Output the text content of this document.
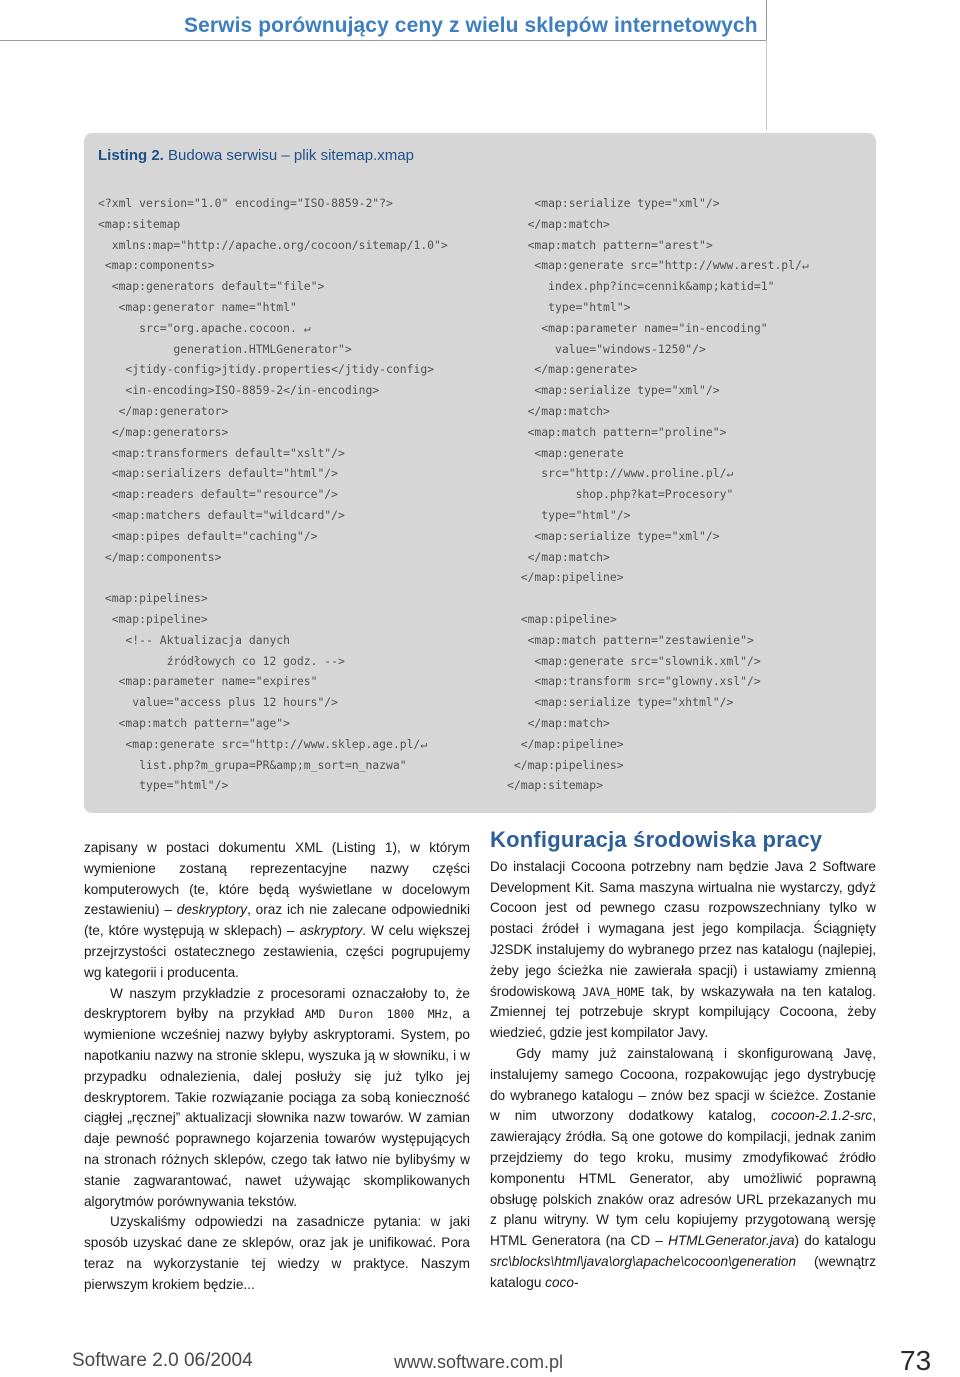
Serwis porównujący ceny z wielu sklepów internetowych
Listing 2. Budowa serwisu – plik sitemap.xmap
<?xml version="1.0" encoding="ISO-8859-2"?>
<map:sitemap
xmlns:map="http://apache.org/cocoon/sitemap/1.0">
<map:components>
<map:generators default="file">
<map:generator name="html"
src="org.apache.cocoon. ↵
generation.HTMLGenerator">
<jtidy-config>jtidy.properties</jtidy-config>
<in-encoding>ISO-8859-2</in-encoding>
</map:generator>
</map:generators>
<map:transformers default="xslt"/>
<map:serializers default="html"/>
<map:readers default="resource"/>
<map:matchers default="wildcard"/>
<map:pipes default="caching"/>
</map:components>
<map:pipelines>
<map:pipeline>
<!-- Aktualizacja danych
źródłowych co 12 godz. -->
<map:parameter name="expires"
value="access plus 12 hours"/>
<map:match pattern="age">
<map:generate src="http://www.sklep.age.pl/↵
list.php?m_grupa=PR&amp;m_sort=n_nazwa"
type="html"/>
<map:serialize type="xml"/>
</map:match>
<map:match pattern="arest">
<map:generate src="http://www.arest.pl/↵
index.php?inc=cennik&amp;katid=1"
type="html">
<map:parameter name="in-encoding"
value="windows-1250"/>
</map:generate>
<map:serialize type="xml"/>
</map:match>
<map:match pattern="proline">
<map:generate
src="http://www.proline.pl/↵
shop.php?kat=Procesory"
type="html"/>
<map:serialize type="xml"/>
</map:match>
</map:pipeline>
<map:pipeline>
<map:match pattern="zestawienie">
<map:generate src="slownik.xml"/>
<map:transform src="glowny.xsl"/>
<map:serialize type="xhtml"/>
</map:match>
</map:pipeline>
</map:pipelines>
</map:sitemap>

zapisany w postaci dokumentu XML (Listing 1), w którym wymienione zostaną reprezentacyjne nazwy części komputerowych (te, które będą wyświetlane w docelowym zestawieniu) – deskryptory, oraz ich nie zalecane odpowiedniki (te, które występują w sklepach) – askryptory. W celu większej przejrzystości ostatecznego zestawienia, części pogrupujemy wg kategorii i producenta.

W naszym przykładzie z procesorami oznaczałoby to, że deskryptorem byłby na przykład AMD Duron 1800 MHz, a wymienione wcześniej nazwy byłyby askryptorami. System, po napotkaniu nazwy na stronie sklepu, wyszuka ją w słowniku, i w przypadku odnalezienia, dalej posłuży się już tylko jej deskryptorem. Takie rozwiązanie pociąga za sobą konieczność ciągłej „ręcznej” aktualizacji słownika nazw towarów. W zamian daje pewność poprawnego kojarzenia towarów występujących na stronach różnych sklepów, czego tak łatwo nie bylibyśmy w stanie zagwarantować, nawet używając skomplikowanych algorytmów porównywania tekstów.

Uzyskaliśmy odpowiedzi na zasadnicze pytania: w jaki sposób uzyskać dane ze sklepów, oraz jak je unifikować. Pora teraz na wykorzystanie tej wiedzy w praktyce. Naszym pierwszym krokiem będzie...

Konfiguracja środowiska pracy

Do instalacji Cocoona potrzebny nam będzie Java 2 Software Development Kit. Sama maszyna wirtualna nie wystarczy, gdyż Cocoon jest od pewnego czasu rozpowszechniany tylko w postaci źródeł i wymagana jest jego kompilacja. Ściągnięty J2SDK instalujemy do wybranego przez nas katalogu (najlepiej, żeby jego ścieżka nie zawierała spacji) i ustawiamy zmienną środowiskową JAVA_HOME tak, by wskazywała na ten katalog. Zmiennej tej potrzebuje skrypt kompilujący Cocoona, żeby wiedzieć, gdzie jest kompilator Javy.

Gdy mamy już zainstalowaną i skonfigurowaną Javę, instalujemy samego Cocoona, rozpakowując jego dystrybucję do wybranego katalogu – znów bez spacji w ścieżce. Zostanie w nim utworzony dodatkowy katalog, cocoon-2.1.2-src, zawierający źródła. Są one gotowe do kompilacji, jednak zanim przejdziemy do tego kroku, musimy zmodyfikować źródło komponentu HTML Generator, aby umożliwić poprawną obsługę polskich znaków oraz adresów URL przekazanych mu z planu witryny. W tym celu kopiujemy przygotowaną wersję HTML Generatora (na CD – HTMLGenerator.java) do katalogu src\blocks\html\java\org\apache\cocoon\generation (wewnątrz katalogu coco-

Software 2.0 06/2004	www.software.com.pl	73
